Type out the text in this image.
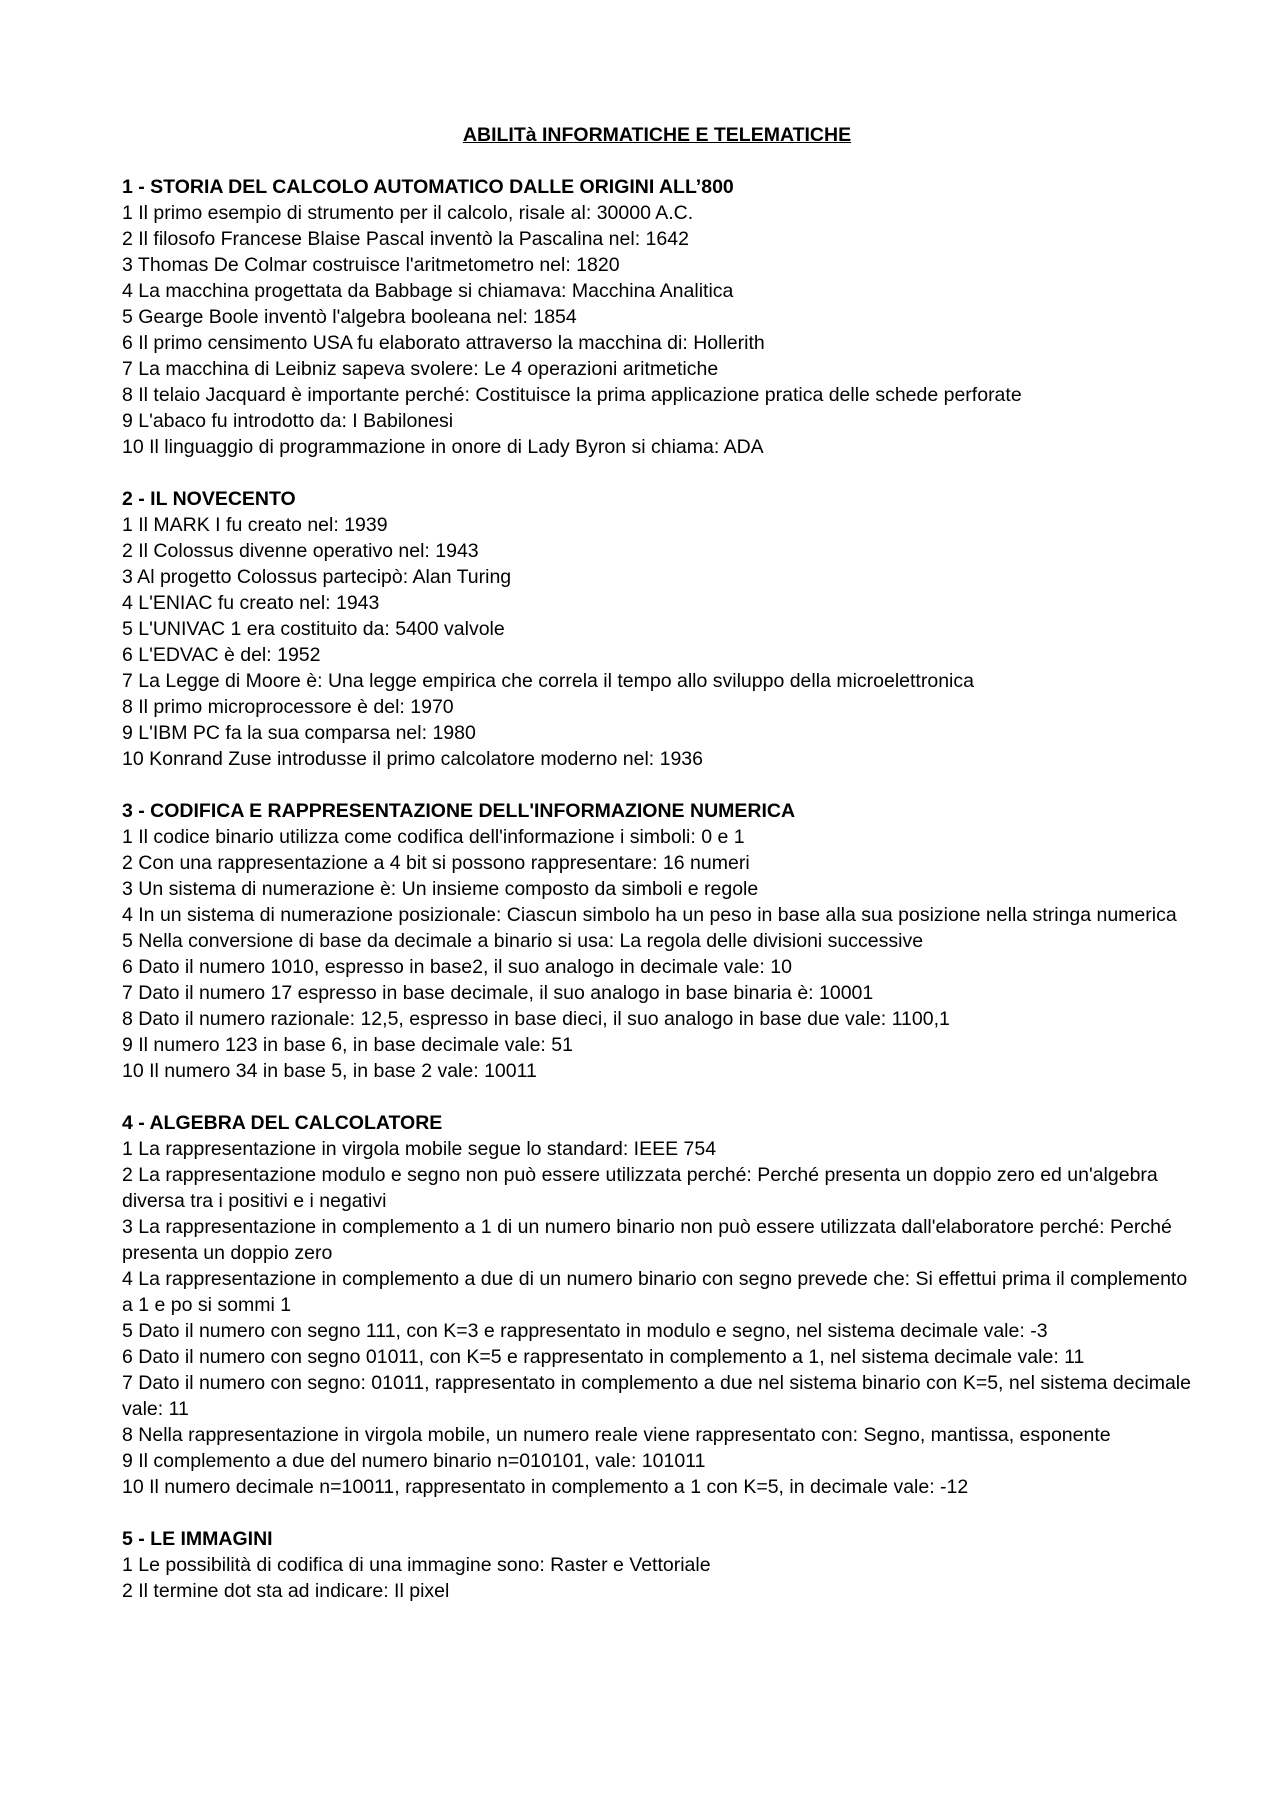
ABILITà INFORMATICHE E TELEMATICHE

1 - STORIA DEL CALCOLO AUTOMATICO DALLE ORIGINI ALL’800

1 Il primo esempio di strumento per il calcolo, risale al: 30000 A.C.

2 Il filosofo Francese Blaise Pascal inventò la Pascalina nel: 1642

3 Thomas De Colmar costruisce l'aritmetometro nel: 1820

4 La macchina progettata da Babbage si chiamava: Macchina Analitica

5 Gearge Boole inventò l'algebra booleana nel: 1854

6 Il primo censimento USA fu elaborato attraverso la macchina di: Hollerith

7 La macchina di Leibniz sapeva svolere: Le 4 operazioni aritmetiche

8 Il telaio Jacquard è importante perché: Costituisce la prima applicazione pratica delle schede perforate

9 L'abaco fu introdotto da: I Babilonesi

10 Il linguaggio di programmazione in onore di Lady Byron si chiama: ADA

2 - IL NOVECENTO

1 Il MARK I fu creato nel: 1939

2 Il Colossus divenne operativo nel: 1943

3 Al progetto Colossus partecipò: Alan Turing

4 L'ENIAC fu creato nel: 1943

5 L'UNIVAC 1 era costituito da: 5400 valvole

6 L'EDVAC è del: 1952

7 La Legge di Moore è: Una legge empirica che correla il tempo allo sviluppo della microelettronica

8 Il primo microprocessore è del: 1970

9 L'IBM PC fa la sua comparsa nel: 1980

10 Konrand Zuse introdusse il primo calcolatore moderno nel: 1936

3 - CODIFICA E RAPPRESENTAZIONE DELL'INFORMAZIONE NUMERICA

1 Il codice binario utilizza come codifica dell'informazione i simboli: 0 e 1

2 Con una rappresentazione a 4 bit si possono rappresentare: 16 numeri

3 Un sistema di numerazione è: Un insieme composto da simboli e regole

4 In un sistema di numerazione posizionale: Ciascun simbolo ha un peso in base alla sua posizione nella stringa numerica

5 Nella conversione di base da decimale a binario si usa: La regola delle divisioni successive

6 Dato il numero 1010, espresso in base2, il suo analogo in decimale vale: 10

7 Dato il numero 17 espresso in base decimale, il suo analogo in base binaria è: 10001

8 Dato il numero razionale: 12,5, espresso in base dieci, il suo analogo in base due vale: 1100,1

9 Il numero 123 in base 6, in base decimale vale: 51

10 Il numero 34 in base 5, in base 2 vale: 10011

4 - ALGEBRA DEL CALCOLATORE

1 La rappresentazione in virgola mobile segue lo standard: IEEE 754

2 La rappresentazione modulo e segno non può essere utilizzata perché: Perché presenta un doppio zero ed un'algebra diversa tra i positivi e i negativi

3 La rappresentazione in complemento a 1 di un numero binario non può essere utilizzata dall'elaboratore perché: Perché presenta un doppio zero

4 La rappresentazione in complemento a due di un numero binario con segno prevede che: Si effettui prima il complemento a 1 e po si sommi 1

5 Dato il numero con segno 111, con K=3 e rappresentato in modulo e segno, nel sistema decimale vale: -3

6 Dato il numero con segno 01011, con K=5 e rappresentato in complemento a 1, nel sistema decimale vale: 11

7 Dato il numero con segno: 01011, rappresentato in complemento a due nel sistema binario con K=5, nel sistema decimale vale: 11

8 Nella rappresentazione in virgola mobile, un numero reale viene rappresentato con: Segno, mantissa, esponente

9 Il complemento a due del numero binario n=010101, vale: 101011

10 Il numero decimale n=10011, rappresentato in complemento a 1 con K=5, in decimale vale: -12

5 - LE IMMAGINI

1 Le possibilità di codifica di una immagine sono: Raster e Vettoriale

2 Il termine dot sta ad indicare: Il pixel
